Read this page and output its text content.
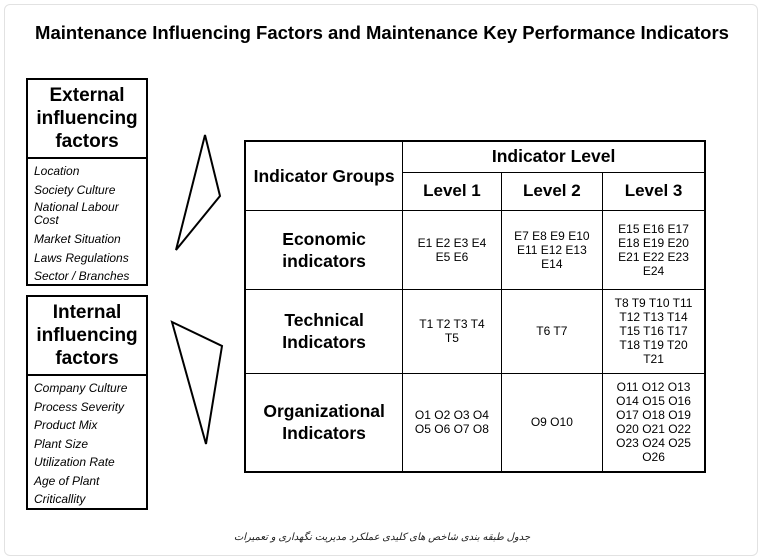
Maintenance Influencing Factors and Maintenance Key Performance Indicators
External influencing factors
Location
Society Culture
National Labour Cost
Market Situation
Laws Regulations
Sector / Branches
Internal influencing factors
Company Culture
Process Severity
Product Mix
Plant Size
Utilization Rate
Age of Plant
Criticallity
Indicator Groups	Indicator Level		
	Level 1	Level 2	Level 3
Economic indicators	E1 E2 E3 E4 E5 E6	E7 E8 E9 E10 E11 E12 E13 E14	E15 E16 E17 E18 E19 E20 E21 E22 E23 E24
Technical Indicators	T1 T2 T3 T4 T5	T6 T7	T8 T9 T10 T11 T12 T13 T14 T15 T16 T17 T18 T19 T20 T21
Organizational Indicators	O1 O2 O3 O4 O5 O6 O7 O8	O9 O10	O11 O12 O13 O14 O15 O16 O17 O18 O19 O20 O21 O22 O23 O24 O25 O26
جدول طبقه بندی شاخص های کلیدی عملکرد مدیریت نگهداری و تعمیرات
